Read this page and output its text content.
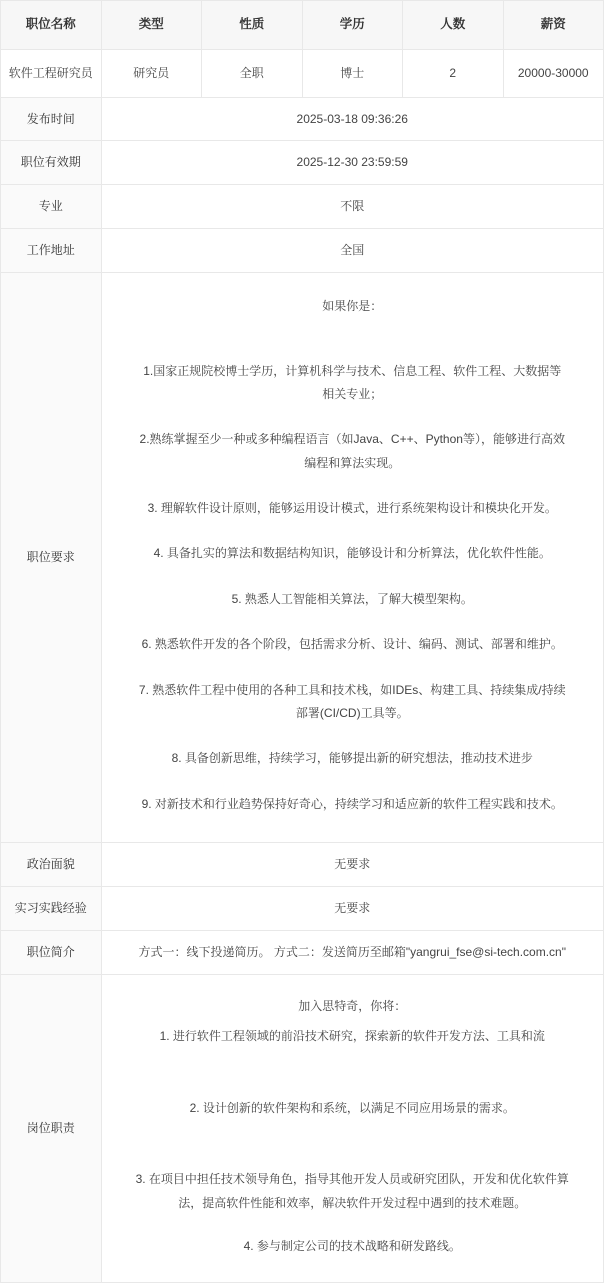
职位名称	类型	性质	学历	人数	薪资
软件工程研究员	研究员	全职	博士	2	20000-30000
发布时间	2025-03-18 09:36:26				
职位有效期	2025-12-30 23:59:59				
专业	不限				
工作地址	全国				
职位要求	
如果你是：
1.国家正规院校博士学历，计算机科学与技术、信息工程、软件工程、大数据等相关专业；
2.熟练掌握至少一种或多种编程语言（如Java、C++、Python等），能够进行高效编程和算法实现。
3. 理解软件设计原则，能够运用设计模式，进行系统架构设计和模块化开发。
4. 具备扎实的算法和数据结构知识，能够设计和分析算法，优化软件性能。
5. 熟悉人工智能相关算法，了解大模型架构。
6. 熟悉软件开发的各个阶段，包括需求分析、设计、编码、测试、部署和维护。
7. 熟悉软件工程中使用的各种工具和技术栈，如IDEs、构建工具、持续集成/持续部署(CI/CD)工具等。
8. 具备创新思维，持续学习，能够提出新的研究想法，推动技术进步
9. 对新技术和行业趋势保持好奇心，持续学习和适应新的软件工程实践和技术。

政治面貌	无要求				
实习实践经验	无要求				
职位简介	方式一：线下投递简历。 方式二：发送简历至邮箱"yangrui_fse@si-tech.com.cn"				
岗位职责	加入思特奇，你将：
1. 进行软件工程领域的前沿技术研究，探索新的软件开发方法、工具和流
2. 设计创新的软件架构和系统，以满足不同应用场景的需求。
3. 在项目中担任技术领导角色，指导其他开发人员或研究团队，开发和优化软件算法，提高软件性能和效率，解决软件开发过程中遇到的技术难题。
4. 参与制定公司的技术战略和研发路线。				
